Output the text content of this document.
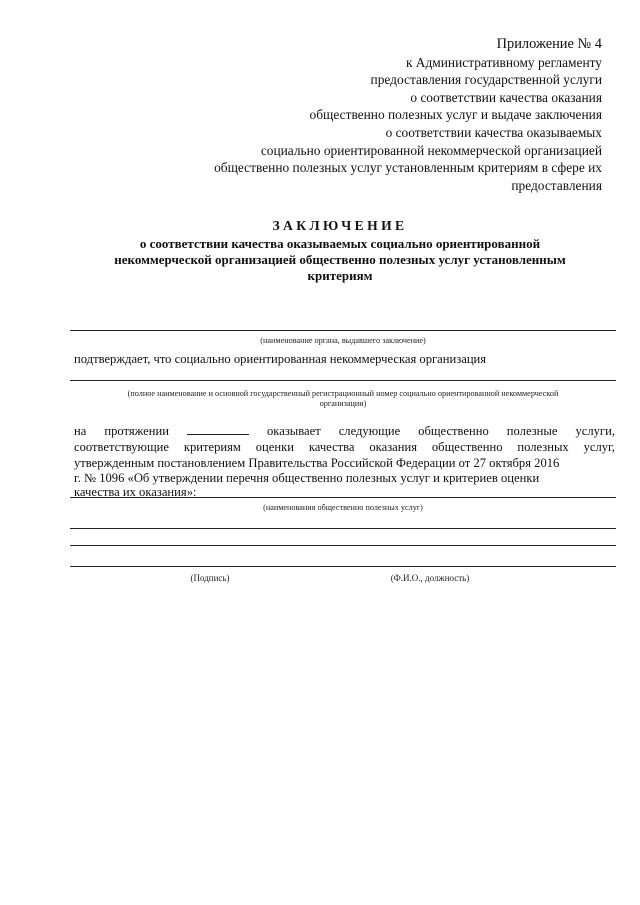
Приложение № 4
к Административному регламенту
предоставления государственной услуги
о соответствии качества оказания
общественно полезных услуг и выдаче заключения
о соответствии качества оказываемых
социально ориентированной некоммерческой организацией
общественно полезных услуг установленным критериям в сфере их
предоставления
ЗАКЛЮЧЕНИЕ
о соответствии качества оказываемых социально ориентированной
некоммерческой организацией общественно полезных услуг установленным
критериям
(наименование органа, выдавшего заключение)
подтверждает, что социально ориентированная некоммерческая организация
(полное наименование и основной государственный регистрационный номер социально ориентированной некоммерческой
организации)
на протяжении	оказывает следующие общественно полезные услуги,
соответствующие критериям оценки качества оказания общественно полезных услуг,
утвержденным постановлением Правительства Российской Федерации от 27 октября 2016
г. № 1096 «Об утверждении перечня общественно полезных услуг и критериев оценки
качества их оказания»:
(наименования общественно полезных услуг)
(Подпись)	(Ф.И.О., должность)
